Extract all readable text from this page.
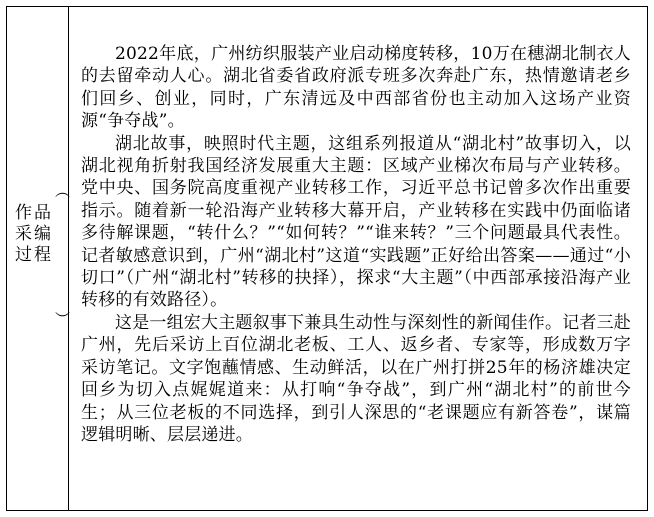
作品采编过程
（
）

2022年底，广州纺织服装产业启动梯度转移，10万在穗湖北制衣人的去留牵动人心。湖北省委省政府派专班多次奔赴广东，热情邀请老乡们回乡、创业，同时，广东清远及中西部省份也主动加入这场产业资源“争夺战”。

湖北故事，映照时代主题，这组系列报道从“湖北村”故事切入，以湖北视角折射我国经济发展重大主题：区域产业梯次布局与产业转移。党中央、国务院高度重视产业转移工作，习近平总书记曾多次作出重要指示。随着新一轮沿海产业转移大幕开启，产业转移在实践中仍面临诸多待解课题，“转什么？”“如何转？”“谁来转？”三个问题最具代表性。记者敏感意识到，广州“湖北村”这道“实践题”正好给出答案——通过“小切口”（广州“湖北村”转移的抉择），探求“大主题”（中西部承接沿海产业转移的有效路径）。

这是一组宏大主题叙事下兼具生动性与深刻性的新闻佳作。记者三赴广州，先后采访上百位湖北老板、工人、返乡者、专家等，形成数万字采访笔记。文字饱蘸情感、生动鲜活，以在广州打拼25年的杨济雄决定回乡为切入点娓娓道来：从打响“争夺战”，到广州“湖北村”的前世今生；从三位老板的不同选择，到引人深思的“老课题应有新答卷”，谋篇逻辑明晰、层层递进。
